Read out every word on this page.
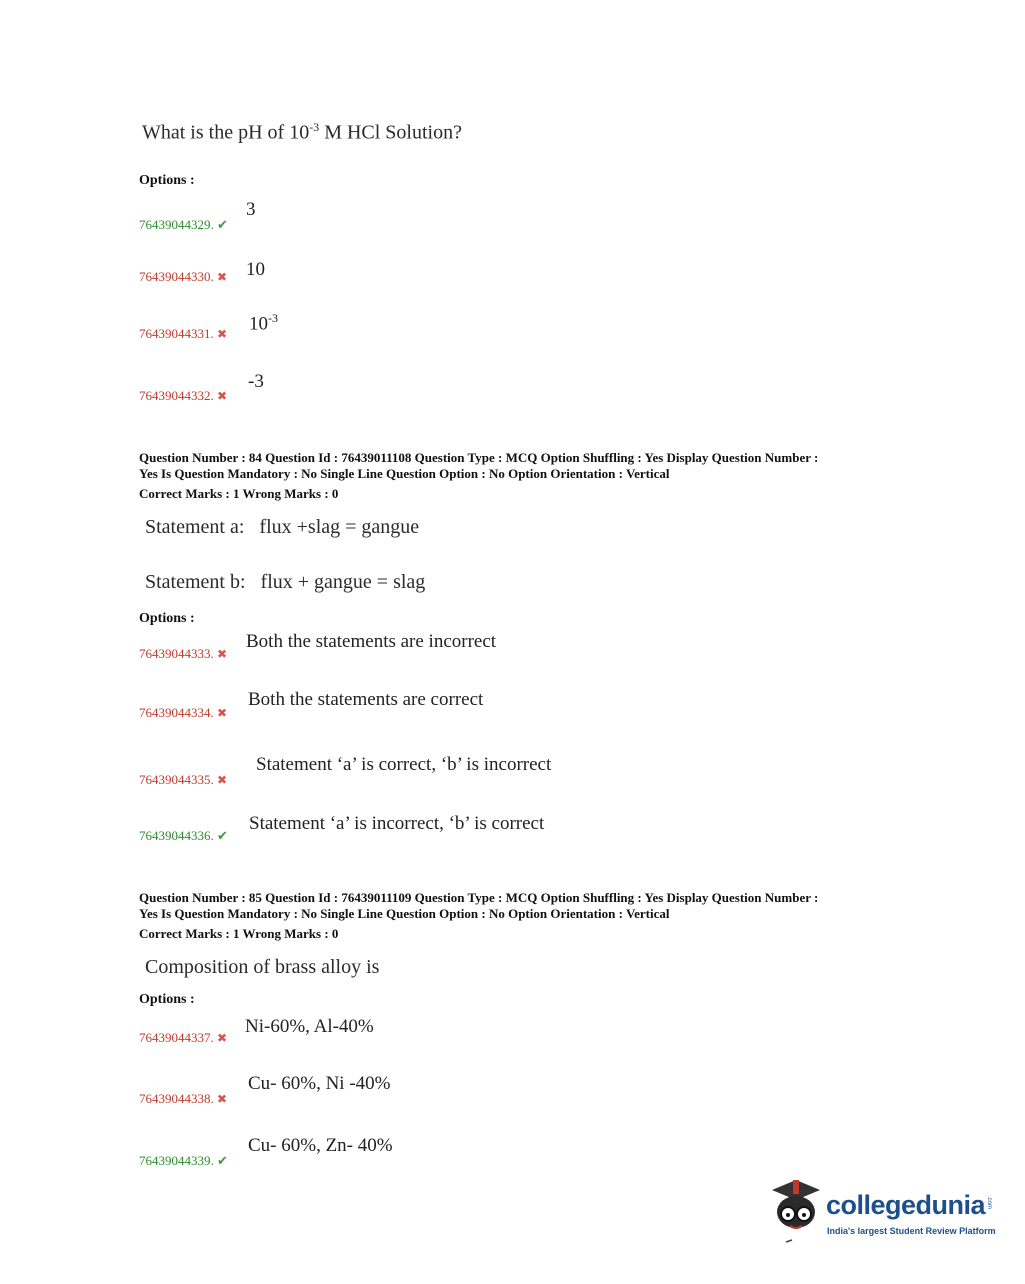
What is the pH of $10^{-3}$ M HCl Solution?
Options :
76439044329. ✔
3
76439044330. ✖ 10
76439044331. ✖ $10^{-3}$
76439044332. ✖
-3
Question Number : 84 Question Id : 76439011108 Question Type : MCQ Option Shuffling : Yes Display Question Number :
Yes Is Question Mandatory : No Single Line Question Option : No Option Orientation : Vertical
Correct Marks : 1 Wrong Marks : 0
Statement a: flux +slag = gangue
Statement b: flux + gangue = slag
Options :
76439044333. ✖
Both the statements are incorrect
76439044334. ✖
Both the statements are correct
76439044335. ✖
Statement ‘a’ is correct, ‘b’ is incorrect
76439044336. ✔
Statement ‘a’ is incorrect, ‘b’ is correct
Question Number : 85 Question Id : 76439011109 Question Type : MCQ Option Shuffling : Yes Display Question Number :
Yes Is Question Mandatory : No Single Line Question Option : No Option Orientation : Vertical
Correct Marks : 1 Wrong Marks : 0
Composition of brass alloy is
Options :
76439044337. ✖
Ni-60%, Al-40%
76439044338. ✖
Cu- 60%, Ni -40%
76439044339. ✔
Cu- 60%, Zn- 40%
collegedunia .com
India's largest Student Review Platform
